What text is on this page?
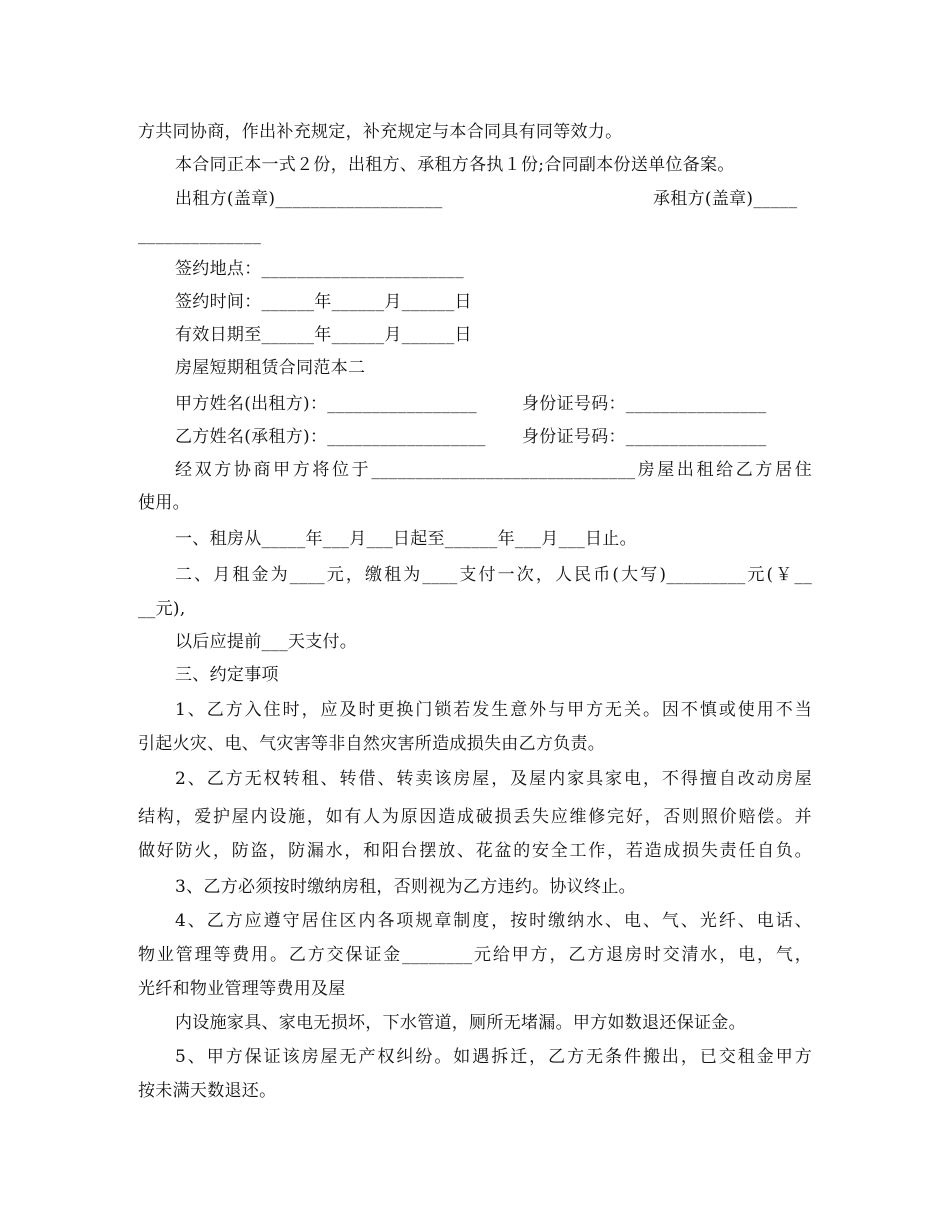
方共同协商，作出补充规定，补充规定与本合同具有同等效力。
本合同正本一式２份，出租方、承租方各执１份;合同副本份送单位备案。
出租方(盖章)___________________	承租方(盖章)_____
______________
签约地点：_______________________
签约时间：______年______月______日
有效日期至______年______月______日
房屋短期租赁合同范本二
甲方姓名(出租方)：_________________	身份证号码：________________
乙方姓名(承租方)：__________________ 身份证号码：________________
经双方协商甲方将位于______________________________房屋出租给乙方居住
使用。
一、租房从_____年___月___日起至______年___月___日止。
二、月租金为____元，缴租为____支付一次，人民币(大写)_________元(￥__
__元),
以后应提前___天支付。
三、约定事项
1、乙方入住时，应及时更换门锁若发生意外与甲方无关。因不慎或使用不当
引起火灾、电、气灾害等非自然灾害所造成损失由乙方负责。
2、乙方无权转租、转借、转卖该房屋，及屋内家具家电，不得擅自改动房屋
结构，爱护屋内设施，如有人为原因造成破损丢失应维修完好，否则照价赔偿。并
做好防火，防盗，防漏水，和阳台摆放、花盆的安全工作，若造成损失责任自负。
3、乙方必须按时缴纳房租，否则视为乙方违约。协议终止。
4、乙方应遵守居住区内各项规章制度，按时缴纳水、电、气、光纤、电话、
物业管理等费用。乙方交保证金________元给甲方，乙方退房时交清水，电，气，
光纤和物业管理等费用及屋
内设施家具、家电无损坏，下水管道，厕所无堵漏。甲方如数退还保证金。
5、甲方保证该房屋无产权纠纷。如遇拆迁，乙方无条件搬出，已交租金甲方
按未满天数退还。
